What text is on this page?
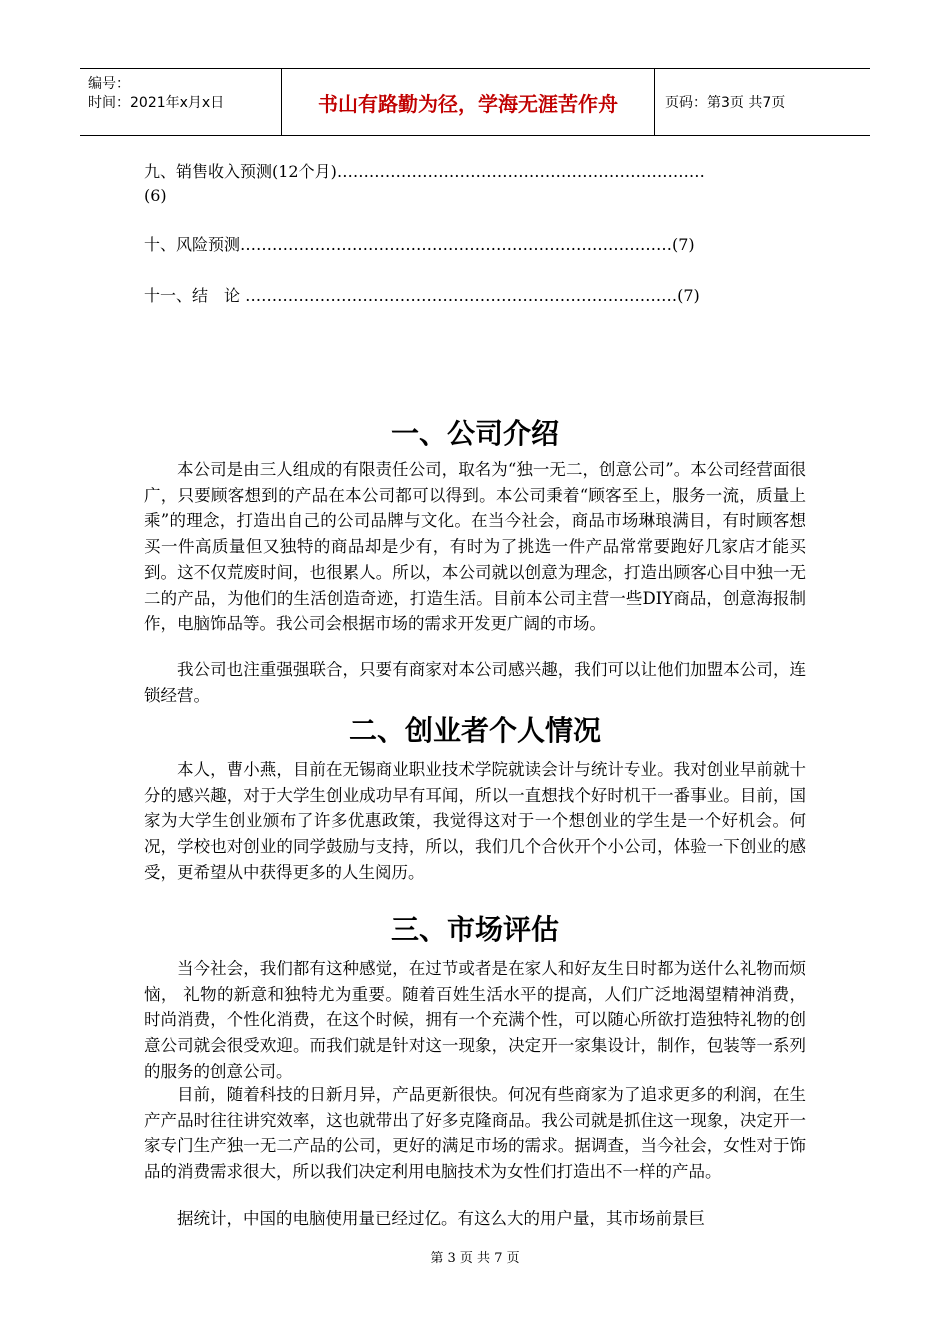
编号：
时间：2021年x月x日	书山有路勤为径，学海无涯苦作舟	页码：第3页 共7页
九、销售收入预测(12个月)……………………………………………………………
(6)
十、风险预测………………………………………………………………………(7)
十一、结　论 ………………………………………………………………………(7)
一、公司介绍
本公司是由三人组成的有限责任公司，取名为“独一无二，创意公司”。本公司经营面很广，只要顾客想到的产品在本公司都可以得到。本公司秉着“顾客至上，服务一流，质量上乘”的理念，打造出自己的公司品牌与文化。在当今社会，商品市场琳琅满目，有时顾客想买一件高质量但又独特的商品却是少有，有时为了挑选一件产品常常要跑好几家店才能买到。这不仅荒废时间，也很累人。所以，本公司就以创意为理念，打造出顾客心目中独一无二的产品，为他们的生活创造奇迹，打造生活。目前本公司主营一些DIY商品，创意海报制作，电脑饰品等。我公司会根据市场的需求开发更广阔的市场。
我公司也注重强强联合，只要有商家对本公司感兴趣，我们可以让他们加盟本公司，连锁经营。
二、创业者个人情况
本人，曹小燕，目前在无锡商业职业技术学院就读会计与统计专业。我对创业早前就十分的感兴趣，对于大学生创业成功早有耳闻，所以一直想找个好时机干一番事业。目前，国家为大学生创业颁布了许多优惠政策，我觉得这对于一个想创业的学生是一个好机会。何况，学校也对创业的同学鼓励与支持，所以，我们几个合伙开个小公司，体验一下创业的感受，更希望从中获得更多的人生阅历。
三、市场评估
当今社会，我们都有这种感觉，在过节或者是在家人和好友生日时都为送什么礼物而烦恼， 礼物的新意和独特尤为重要。随着百姓生活水平的提高，人们广泛地渴望精神消费，时尚消费，个性化消费，在这个时候，拥有一个充满个性，可以随心所欲打造独特礼物的创意公司就会很受欢迎。而我们就是针对这一现象，决定开一家集设计，制作，包装等一系列的服务的创意公司。
目前，随着科技的日新月异，产品更新很快。何况有些商家为了追求更多的利润，在生产产品时往往讲究效率，这也就带出了好多克隆商品。我公司就是抓住这一现象，决定开一家专门生产独一无二产品的公司，更好的满足市场的需求。据调查，当今社会，女性对于饰品的消费需求很大，所以我们决定利用电脑技术为女性们打造出不一样的产品。
据统计，中国的电脑使用量已经过亿。有这么大的用户量，其市场前景巨
第 3 页 共 7 页
